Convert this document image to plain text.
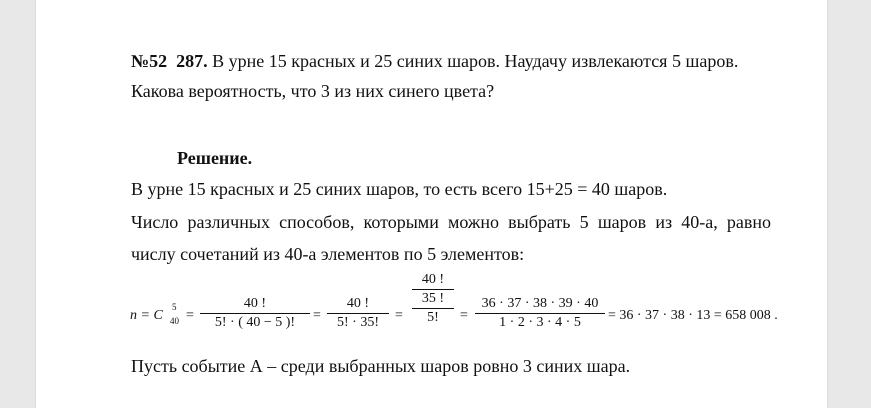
№52 287. В урне 15 красных и 25 синих шаров. Наудачу извлекаются 5 шаров.
Какова вероятность, что 3 из них синего цвета?
Решение.
В урне 15 красных и 25 синих шаров, то есть всего 15+25 = 40 шаров.
Число различных способов, которыми можно выбрать 5 шаров из 40-а, равно
числу сочетаний из 40-а элементов по 5 элементов:
n = C
5
40 =
40 !
5! · ( 40 − 5 )!	=
40 !
5! · 35!	=
40 !
35 !
5!	=
36 · 37 · 38 · 39 · 40
1 · 2 · 3 · 4 · 5	= 36 · 37 · 38 · 13 = 658 008 .
Пусть событие А – среди выбранных шаров ровно 3 синих шара.
